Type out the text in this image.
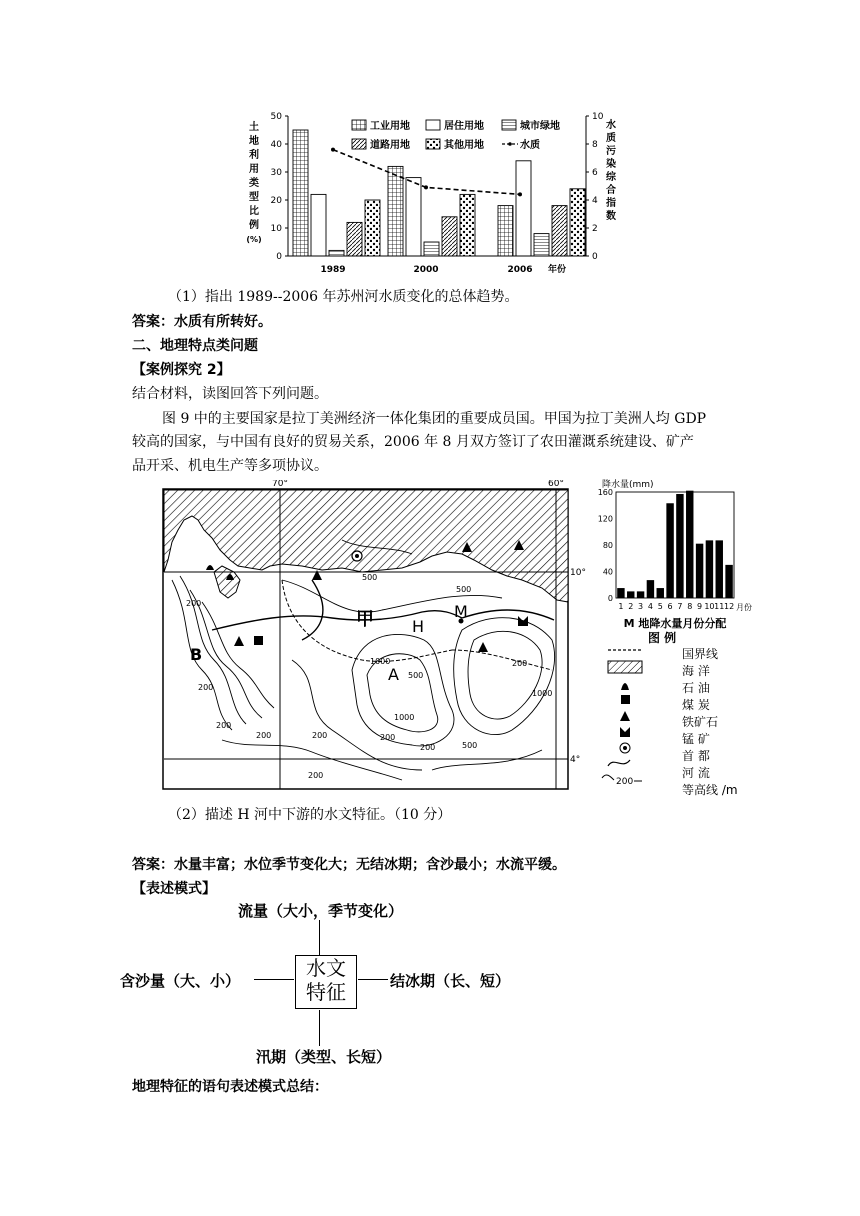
50
40
30
20
10
0
10
8
6
4
2
0
1989	2000	2006 年份
土
地
利
用
类
型
比
例
(%)
水
质
污
染
综
合
指
数
工业用地	居住用地	城市绿地
道路用地	其他用地	水质
（1）指出 1989--2006 年苏州河水质变化的总体趋势。
答案：水质有所转好。
二、地理特点类问题
【案例探究 2】
结合材料，读图回答下列问题。
图 9 中的主要国家是拉丁美洲经济一体化集团的重要成员国。甲国为拉丁美洲人均 GDP
较高的国家，与中国有良好的贸易关系，2006 年 8 月双方签订了农田灌溉系统建设、矿产
品开采、机电生产等多项协议。
70°	60°
10°
4°
甲 H
M
A
B
500
200
200
200
1000
500
1000
200	500
200
200
1000
200
200
500
200
降水量(mm)
160
120
80
40
0
1 2 3 4 5 6 7 8 9 10 11 12 月份
M 地降水量月份分配
图 例
200
国界线
海 洋
石 油
煤 炭
铁矿石
锰 矿
首 都
河 流
等高线 /m
（2）描述 H 河中下游的水文特征。（10 分）
答案：水量丰富；水位季节变化大；无结冰期；含沙最小；水流平缓。
【表述模式】
流量（大小，季节变化）
含沙量（大、小）
水文
特征	结冰期（长、短）
汛期（类型、长短）
地理特征的语句表述模式总结：
